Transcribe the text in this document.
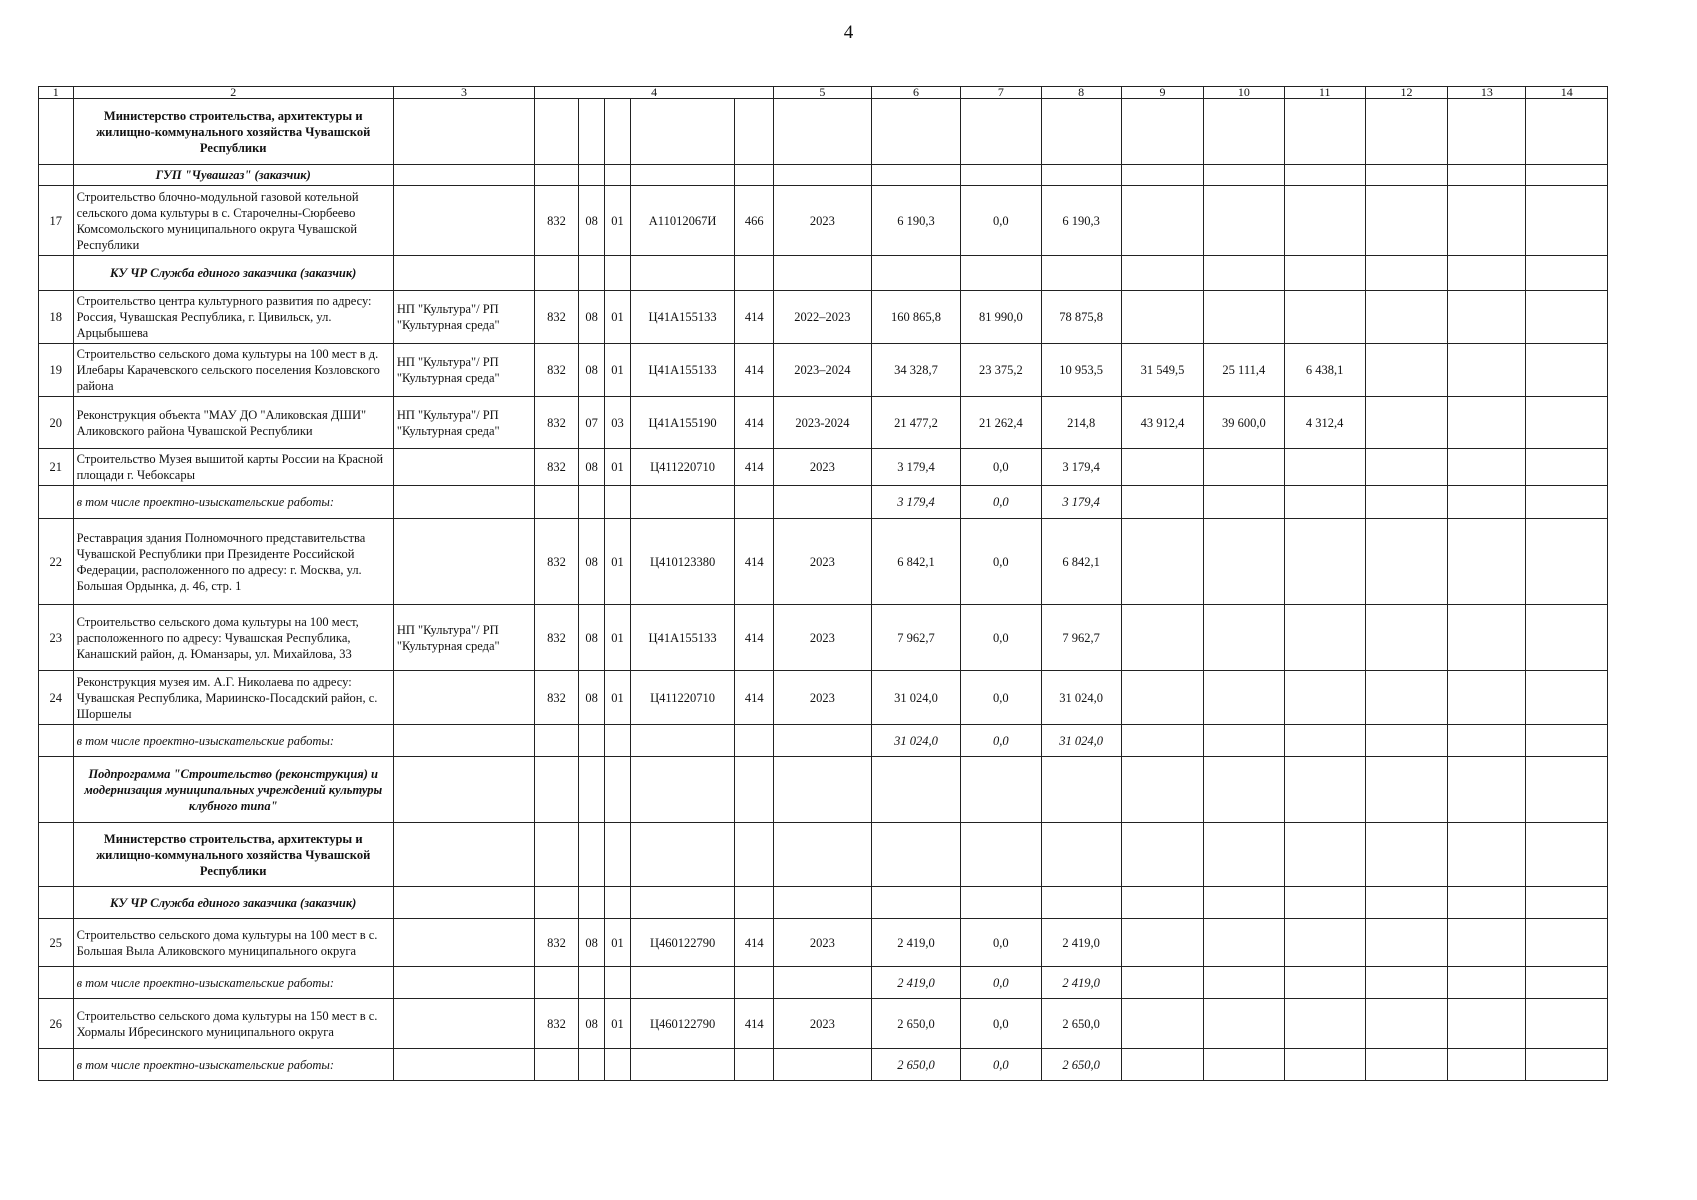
4
1	2	3	4					5	6	7	8	9	10	11	12	13	14
	Министерство строительства, архитектуры и жилищно-коммунального хозяйства Чувашской Республики																
	ГУП "Чувашгаз" (заказчик)																
17	Строительство блочно-модульной газовой котельной сельского дома культуры в с. Старочелны-Сюрбеево Комсомольского муниципального округа Чувашской Республики		832	08	01	А11012067И	466	2023	6 190,3	0,0	6 190,3						
	КУ ЧР Служба единого заказчика (заказчик)																
18	Строительство центра культурного развития по адресу: Россия, Чувашская Республика, г. Цивильск, ул. Арцыбышева	НП "Культура"/ РП "Культурная среда"	832	08	01	Ц41А155133	414	2022–2023	160 865,8	81 990,0	78 875,8						
19	Строительство сельского дома культуры на 100 мест в д. Илебары Карачевского сельского поселения Козловского района	НП "Культура"/ РП "Культурная среда"	832	08	01	Ц41А155133	414	2023–2024	34 328,7	23 375,2	10 953,5	31 549,5	25 111,4	6 438,1			
20	Реконструкция объекта "МАУ ДО "Аликовская ДШИ" Аликовского района Чувашской Республики	НП "Культура"/ РП "Культурная среда"	832	07	03	Ц41А155190	414	2023-2024	21 477,2	21 262,4	214,8	43 912,4	39 600,0	4 312,4			
21	Строительство Музея вышитой карты России на Красной площади г. Чебоксары		832	08	01	Ц411220710	414	2023	3 179,4	0,0	3 179,4						
	в том числе проектно-изыскательские работы:								3 179,4	0,0	3 179,4						
22	Реставрация здания Полномочного представительства Чувашской Республики при Президенте Российской Федерации, расположенного по адресу: г. Москва, ул. Большая Ордынка, д. 46, стр. 1		832	08	01	Ц410123380	414	2023	6 842,1	0,0	6 842,1						
23	Строительство сельского дома культуры на 100 мест, расположенного по адресу: Чувашская Республика, Канашский район, д. Юманзары, ул. Михайлова, 33	НП "Культура"/ РП "Культурная среда"	832	08	01	Ц41А155133	414	2023	7 962,7	0,0	7 962,7						
24	Реконструкция музея им. А.Г. Николаева по адресу: Чувашская Республика, Мариинско-Посадский район, с. Шоршелы		832	08	01	Ц411220710	414	2023	31 024,0	0,0	31 024,0						
	в том числе проектно-изыскательские работы:								31 024,0	0,0	31 024,0						
	Подпрограмма "Строительство (реконструкция) и модернизация муниципальных учреждений культуры клубного типа"																
	Министерство строительства, архитектуры и жилищно-коммунального хозяйства Чувашской Республики																
	КУ ЧР Служба единого заказчика (заказчик)																
25	Строительство сельского дома культуры на 100 мест в с. Большая Выла Аликовского муниципального округа		832	08	01	Ц460122790	414	2023	2 419,0	0,0	2 419,0						
	в том числе проектно-изыскательские работы:								2 419,0	0,0	2 419,0						
26	Строительство сельского дома культуры на 150 мест в с. Хормалы Ибресинского муниципального округа		832	08	01	Ц460122790	414	2023	2 650,0	0,0	2 650,0						
	в том числе проектно-изыскательские работы:								2 650,0	0,0	2 650,0						
